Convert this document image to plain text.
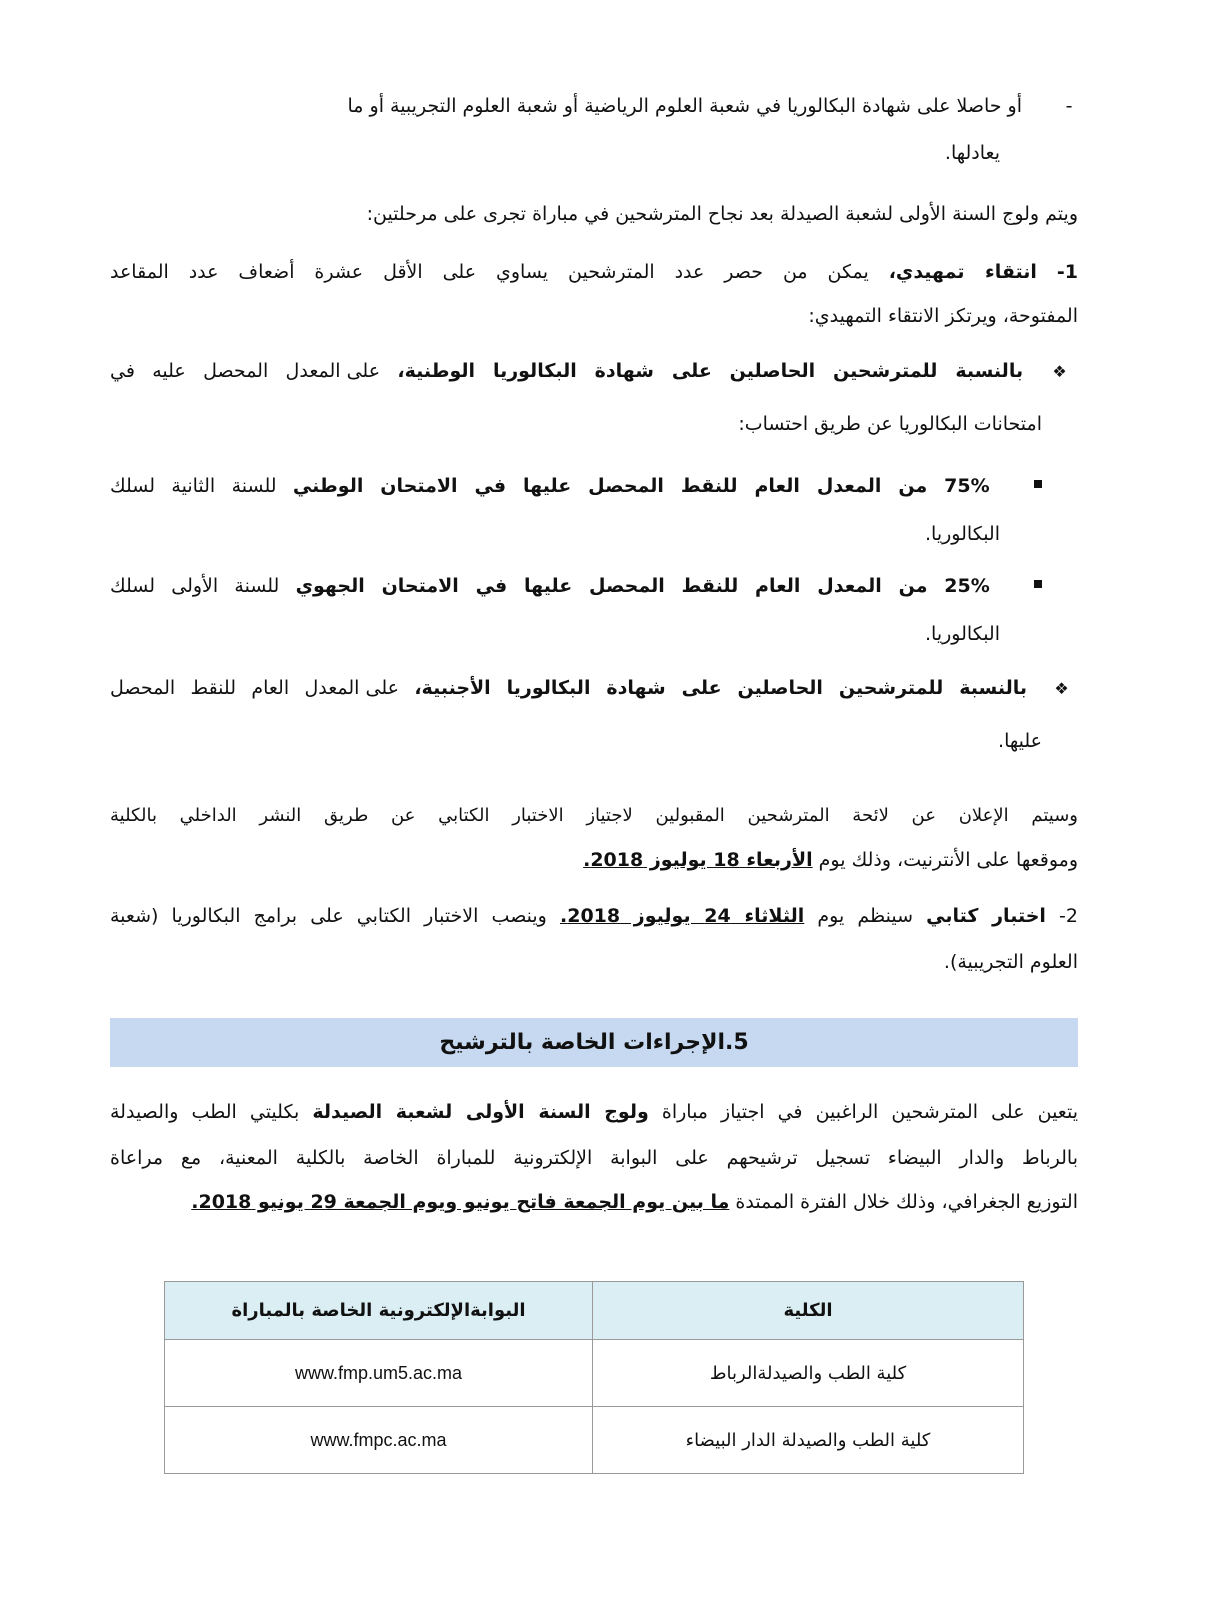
-أو حاصلا على شهادة البكالوريا في شعبة العلوم الرياضية أو شعبة العلوم التجريبية أو ما
يعادلها.
ويتم ولوج السنة الأولى لشعبة الصيدلة بعد نجاح المترشحين في مباراة تجرى على مرحلتين:
1- انتقاء تمهيدي، يمكن من حصر عدد المترشحين يساوي على الأقل عشرة أضعاف عدد المقاعد
المفتوحة، ويرتكز الانتقاء التمهيدي:
❖ بالنسبة للمترشحين الحاصلين على شهادة البكالوريا الوطنية، على المعدل المحصل عليه في
امتحانات البكالوريا عن طريق احتساب:
75% من المعدل العام للنقط المحصل عليها في الامتحان الوطني للسنة الثانية لسلك
البكالوريا.
25% من المعدل العام للنقط المحصل عليها في الامتحان الجهوي للسنة الأولى لسلك
البكالوريا.
❖ بالنسبة للمترشحين الحاصلين على شهادة البكالوريا الأجنبية، على المعدل العام للنقط المحصل
عليها.
وسيتم الإعلان عن لائحة المترشحين المقبولين لاجتياز الاختبار الكتابي عن طريق النشر الداخلي بالكلية
وموقعها على الأنترنيت، وذلك يوم الأربعاء 18 يوليوز 2018.
2- اختبار كتابي سينظم يوم الثلاثاء 24 يوليوز 2018. وينصب الاختبار الكتابي على برامج البكالوريا (شعبة
العلوم التجريبية).
يتعين على المترشحين الراغبين في اجتياز مباراة ولوج السنة الأولى لشعبة الصيدلة بكليتي الطب والصيدلة
بالرباط والدار البيضاء تسجيل ترشيحهم على البوابة الإلكترونية للمباراة الخاصة بالكلية المعنية، مع مراعاة
التوزيع الجغرافي، وذلك خلال الفترة الممتدة ما بين يوم الجمعة فاتح يونيو ويوم الجمعة 29 يونيو 2018.
5.الإجراءات الخاصة بالترشيح
الكلية	البوابةالإلكترونية الخاصة بالمباراة
كلية الطب والصيدلةالرباط	www.fmp.um5.ac.ma
كلية الطب والصيدلة الدار البيضاء	www.fmpc.ac.ma
